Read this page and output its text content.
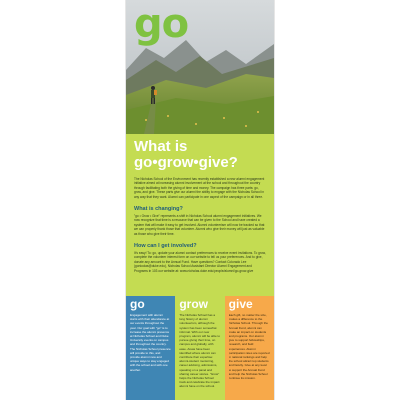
go
What is
go•grow•give?
The Nicholas School of the Environment has recently established a new alumni engagement initiative aimed at increasing alumni involvement at the school and throughout the country through facilitating both the giving of time and money. The campaign has three parts: go, grow, and give. These parts give our alumni the ability to engage with the Nicholas School in any way that they want. Alumni can participate in one aspect of the campaign or in all three.
What is changing?
"go • Grow • Give" represents a shift in Nicholas School alumni engagement initiatives. We now recognize that time is a resource that can be given to the School and have created a system that will make it easy to get involved. Alumni volunteerism will now be tracked so that we can properly thank those that volunteer. Alumni who give their money will just as valuable as those who give their time.
How can I get involved?
It's easy! To: go, update your alumni contact preferences to receive event invitations. To grow, complete the volunteer interest form on our website to tell us your preferences. And to give, donate any amount to the Annual Fund. Have questions? Contact Colorado Lee (gonicolas@duke.edu), Nicholas School Assistant Director Alumni Engagement and Programs in 103 our website at: www.nicholas.duke.edu/people/alumni/go-grow-give
go
Engagement with alumni starts with their attendance at our events throughout the year. Our goal with "go" is to increase the alumni presence at Nicholas School and Duke University events on campus and throughout the country. The Nicholas School presence will provide to this, and provide alumni new and unique ways to stay engaged with the school and with one another.
grow
The Nicholas School has a long history of alumni volunteerism, although the system has been somewhat informal. With our new program, alumni will be able to pursue giving their time, on campus and globally, with ease. Areas have been identified where alumni can contribute their expertise: alumni-student mentoring, career advising, admissions, speaking on a panel and sharing career stories. "Grow" helps the Nicholas School track and celebrate the impact alumni have on the school.
give
Each gift, no matter the size, makes a difference to the Nicholas School. Through the Annual Fund, alumni can make an impact on students and programs. Our alumni give to support fellowships, research, and field experiences. Alumni participation rates are reported in national rankings and help the school attract top students and faculty. Give at any level to support the Annual Fund and help the Nicholas School continue its mission.
